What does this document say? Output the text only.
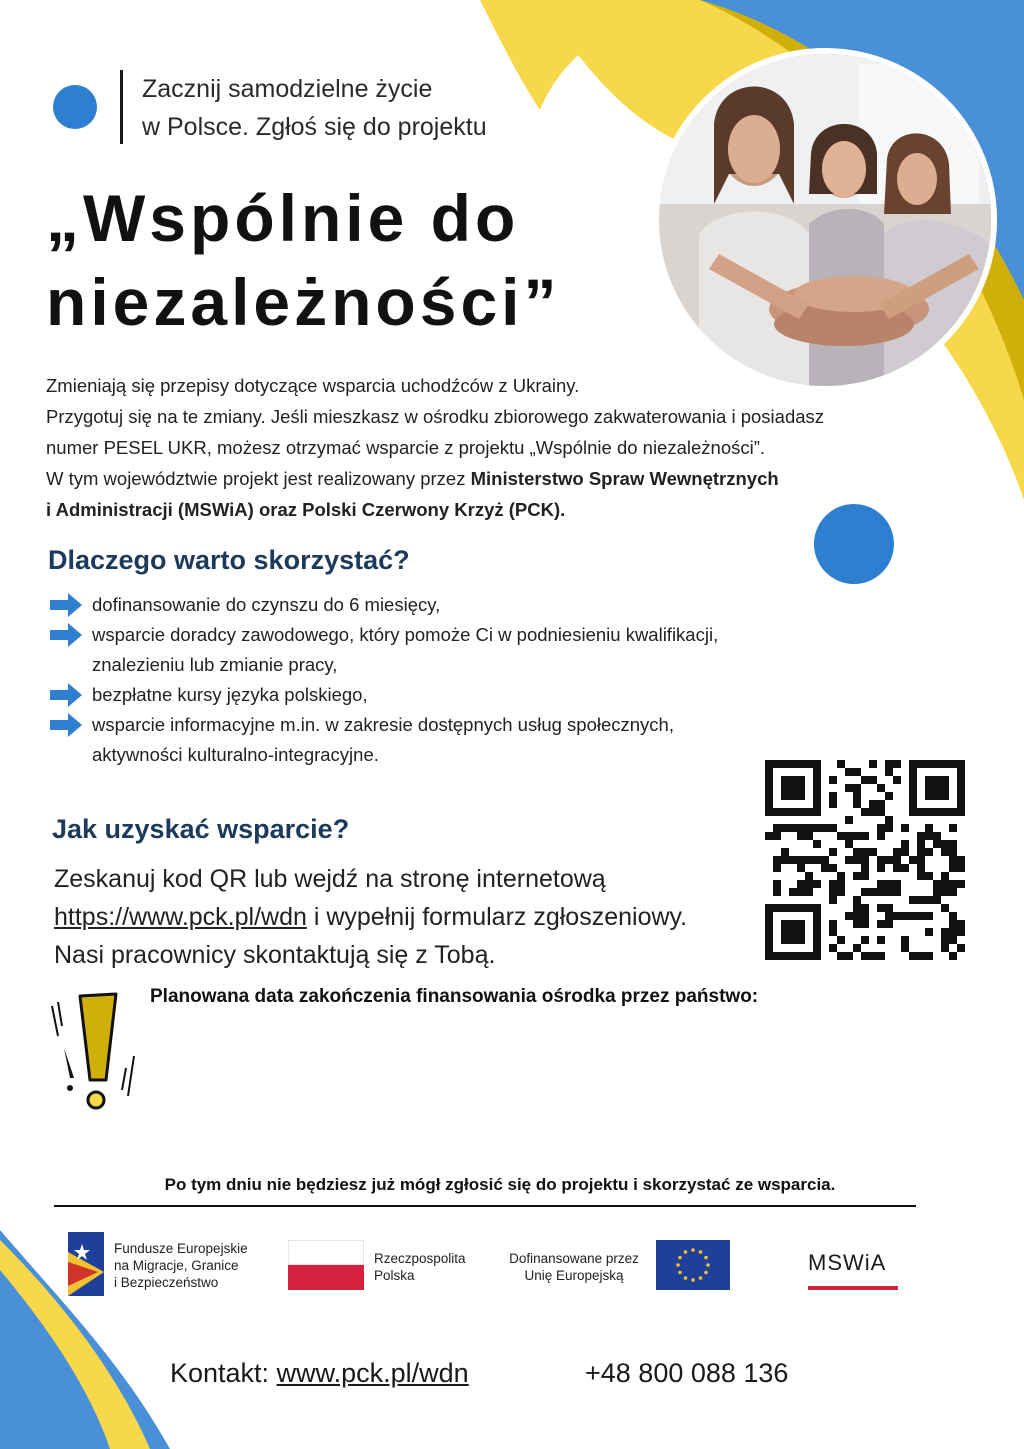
Zacznij samodzielne życie
w Polsce. Zgłoś się do projektu
„Wspólnie do
niezależności”
Zmieniają się przepisy dotyczące wsparcia uchodźców z Ukrainy.
Przygotuj się na te zmiany. Jeśli mieszkasz w ośrodku zbiorowego zakwaterowania i posiadasz
numer PESEL UKR, możesz otrzymać wsparcie z projektu „Wspólnie do niezależności”.
W tym województwie projekt jest realizowany przez Ministerstwo Spraw Wewnętrznych
i Administracji (MSWiA) oraz Polski Czerwony Krzyż (PCK).
Dlaczego warto skorzystać?
dofinansowanie do czynszu do 6 miesięcy,
wsparcie doradcy zawodowego, który pomoże Ci w podniesieniu kwalifikacji,
znalezieniu lub zmianie pracy,
bezpłatne kursy języka polskiego,
wsparcie informacyjne m.in. w zakresie dostępnych usług społecznych,
aktywności kulturalno-integracyjne.
Jak uzyskać wsparcie?
Zeskanuj kod QR lub wejdź na stronę internetową
https://www.pck.pl/wdn i wypełnij formularz zgłoszeniowy.
Nasi pracownicy skontaktują się z Tobą.
Planowana data zakończenia finansowania ośrodka przez państwo:
Po tym dniu nie będziesz już mógł zgłosić się do projektu i skorzystać ze wsparcia.
Fundusze Europejskie
na Migracje, Granice
i Bezpieczeństwo
Rzeczpospolita
Polska
Dofinansowane przez
Unię Europejską
MSWiA
Kontakt: www.pck.pl/wdn	+48 800 088 136
